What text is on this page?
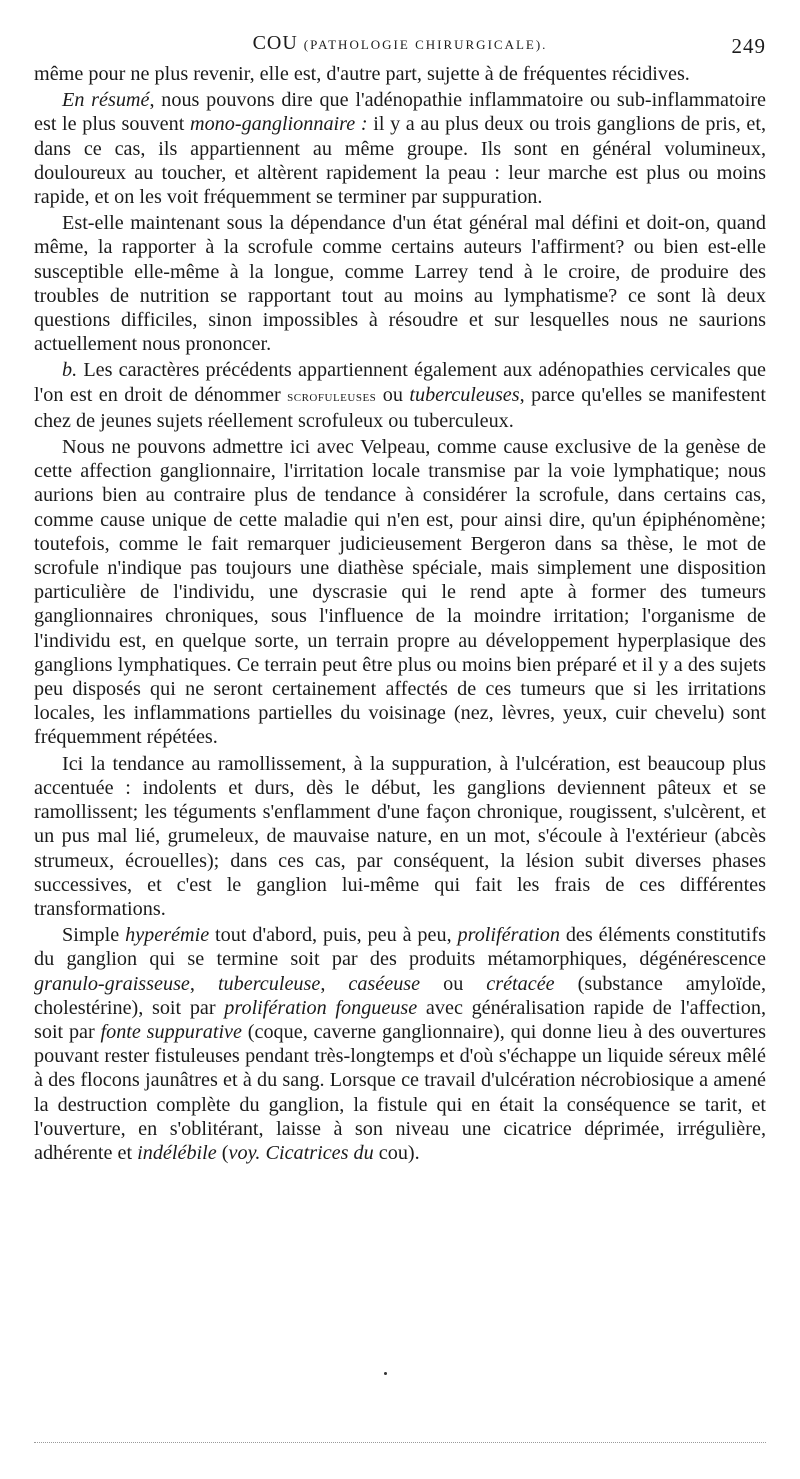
COU (PATHOLOGIE CHIRURGICALE).	249

même pour ne plus revenir, elle est, d'autre part, sujette à de fréquentes récidives.

En résumé, nous pouvons dire que l'adénopathie inflammatoire ou sub-inflammatoire est le plus souvent mono-ganglionnaire : il y a au plus deux ou trois ganglions de pris, et, dans ce cas, ils appartiennent au même groupe. Ils sont en général volumineux, douloureux au toucher, et altèrent rapidement la peau : leur marche est plus ou moins rapide, et on les voit fréquemment se terminer par suppuration.

Est-elle maintenant sous la dépendance d'un état général mal défini et doit-on, quand même, la rapporter à la scrofule comme certains auteurs l'affirment? ou bien est-elle susceptible elle-même à la longue, comme Larrey tend à le croire, de produire des troubles de nutrition se rapportant tout au moins au lymphatisme? ce sont là deux questions difficiles, sinon impossibles à résoudre et sur lesquelles nous ne saurions actuellement nous prononcer.

b. Les caractères précédents appartiennent également aux adénopathies cervicales que l'on est en droit de dénommer scrofuleuses ou tuberculeuses, parce qu'elles se manifestent chez de jeunes sujets réellement scrofuleux ou tuberculeux.

Nous ne pouvons admettre ici avec Velpeau, comme cause exclusive de la genèse de cette affection ganglionnaire, l'irritation locale transmise par la voie lymphatique; nous aurions bien au contraire plus de tendance à considérer la scrofule, dans certains cas, comme cause unique de cette maladie qui n'en est, pour ainsi dire, qu'un épiphénomène; toutefois, comme le fait remarquer judicieusement Bergeron dans sa thèse, le mot de scrofule n'indique pas toujours une diathèse spéciale, mais simplement une disposition particulière de l'individu, une dyscrasie qui le rend apte à former des tumeurs ganglionnaires chroniques, sous l'influence de la moindre irritation; l'organisme de l'individu est, en quelque sorte, un terrain propre au développement hyperplasique des ganglions lymphatiques. Ce terrain peut être plus ou moins bien préparé et il y a des sujets peu disposés qui ne seront certainement affectés de ces tumeurs que si les irritations locales, les inflammations partielles du voisinage (nez, lèvres, yeux, cuir chevelu) sont fréquemment répétées.

Ici la tendance au ramollissement, à la suppuration, à l'ulcération, est beaucoup plus accentuée : indolents et durs, dès le début, les ganglions deviennent pâteux et se ramollissent; les téguments s'enflamment d'une façon chronique, rougissent, s'ulcèrent, et un pus mal lié, grumeleux, de mauvaise nature, en un mot, s'écoule à l'extérieur (abcès strumeux, écrouelles); dans ces cas, par conséquent, la lésion subit diverses phases successives, et c'est le ganglion lui-même qui fait les frais de ces différentes transformations.

Simple hyperémie tout d'abord, puis, peu à peu, prolifération des éléments constitutifs du ganglion qui se termine soit par des produits métamorphiques, dégénérescence granulo-graisseuse, tuberculeuse, caséeuse ou crétacée (substance amyloïde, cholestérine), soit par prolifération fongueuse avec généralisation rapide de l'affection, soit par fonte suppurative (coque, caverne ganglionnaire), qui donne lieu à des ouvertures pouvant rester fistuleuses pendant très-longtemps et d'où s'échappe un liquide séreux mêlé à des flocons jaunâtres et à du sang. Lorsque ce travail d'ulcération nécrobiosique a amené la destruction complète du ganglion, la fistule qui en était la conséquence se tarit, et l'ouverture, en s'oblitérant, laisse à son niveau une cicatrice déprimée, irrégulière, adhérente et indélébile (voy. Cicatrices du cou).
